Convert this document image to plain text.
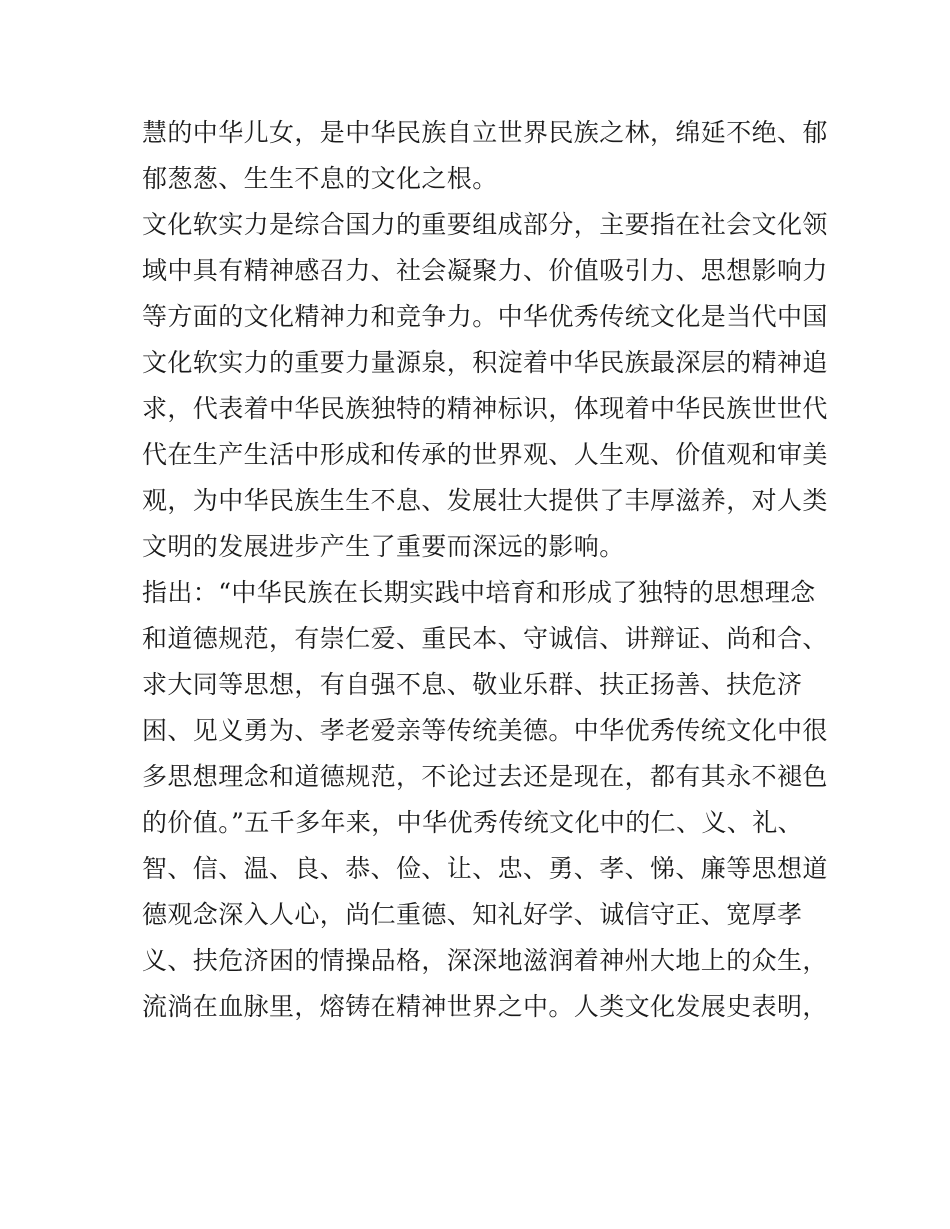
慧的中华儿女，是中华民族自立世界民族之林，绵延不绝、郁
郁葱葱、生生不息的文化之根。
文化软实力是综合国力的重要组成部分，主要指在社会文化领
域中具有精神感召力、社会凝聚力、价值吸引力、思想影响力
等方面的文化精神力和竞争力。中华优秀传统文化是当代中国
文化软实力的重要力量源泉，积淀着中华民族最深层的精神追
求，代表着中华民族独特的精神标识，体现着中华民族世世代
代在生产生活中形成和传承的世界观、人生观、价值观和审美
观，为中华民族生生不息、发展壮大提供了丰厚滋养，对人类
文明的发展进步产生了重要而深远的影响。
指出：“中华民族在长期实践中培育和形成了独特的思想理念
和道德规范，有崇仁爱、重民本、守诚信、讲辩证、尚和合、
求大同等思想，有自强不息、敬业乐群、扶正扬善、扶危济
困、见义勇为、孝老爱亲等传统美德。中华优秀传统文化中很
多思想理念和道德规范，不论过去还是现在，都有其永不褪色
的价值。”五千多年来，中华优秀传统文化中的仁、义、礼、
智、信、温、良、恭、俭、让、忠、勇、孝、悌、廉等思想道
德观念深入人心，尚仁重德、知礼好学、诚信守正、宽厚孝
义、扶危济困的情操品格，深深地滋润着神州大地上的众生，
流淌在血脉里，熔铸在精神世界之中。人类文化发展史表明，
